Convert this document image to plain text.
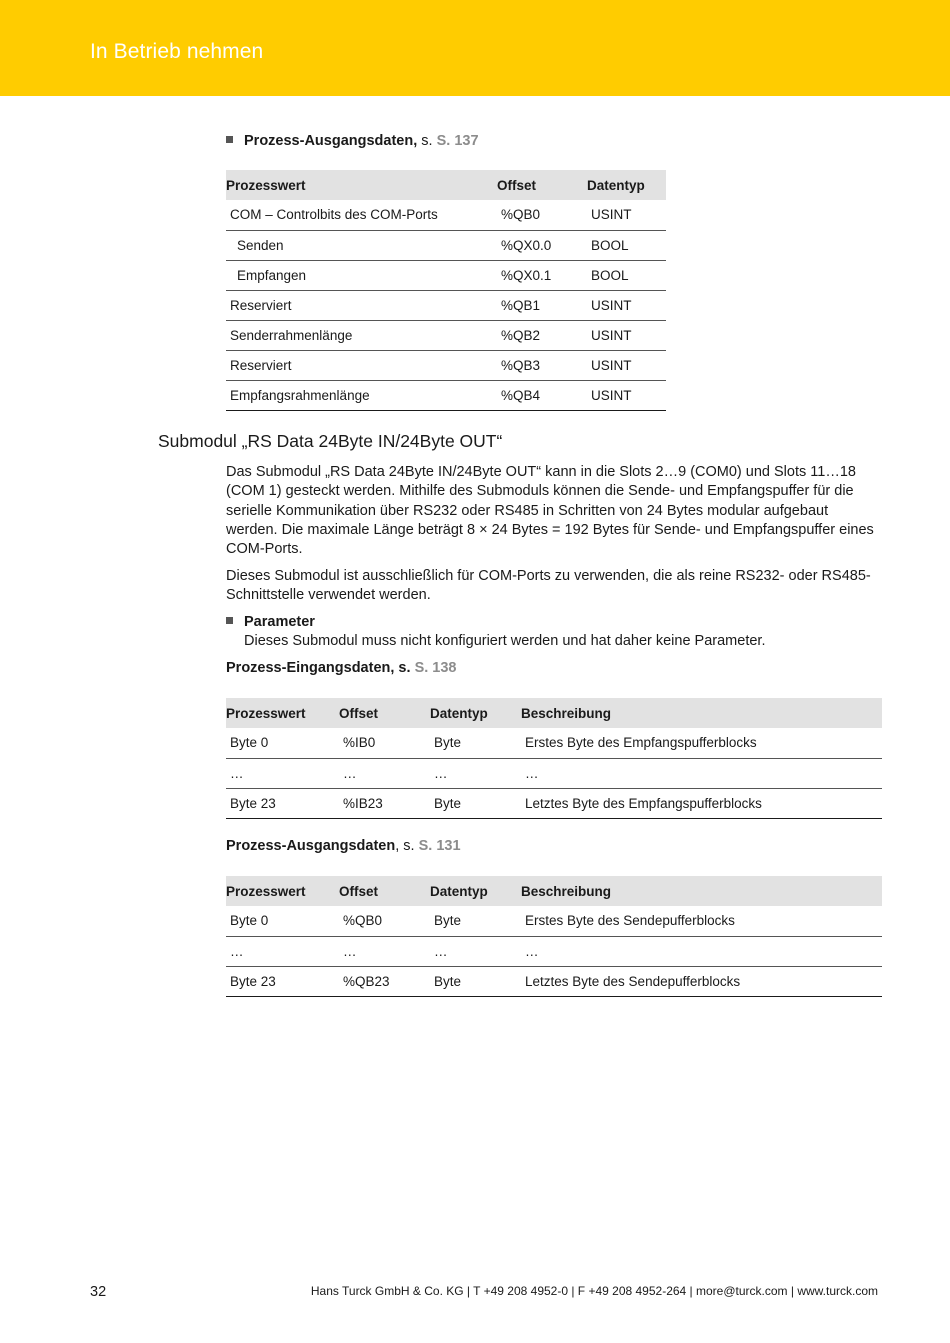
In Betrieb nehmen
Prozess-Ausgangsdaten, s. S. 137
Prozesswert	Offset	Datentyp
COM – Controlbits des COM-Ports	%QB0	USINT
Senden	%QX0.0	BOOL
Empfangen	%QX0.1	BOOL
Reserviert	%QB1	USINT
Senderrahmenlänge	%QB2	USINT
Reserviert	%QB3	USINT
Empfangsrahmenlänge	%QB4	USINT
Submodul „RS Data 24Byte IN/24Byte OUT“
Das Submodul „RS Data 24Byte IN/24Byte OUT“ kann in die Slots 2…9 (COM0) und Slots 11…18 (COM 1) gesteckt werden. Mithilfe des Submoduls können die Sende- und Empfangspuffer für die serielle Kommunikation über RS232 oder RS485 in Schritten von 24 Bytes modular aufgebaut werden. Die maximale Länge beträgt 8 × 24 Bytes = 192 Bytes für Sende- und Empfangspuffer eines COM-Ports.
Dieses Submodul ist ausschließlich für COM-Ports zu verwenden, die als reine RS232- oder RS485-Schnittstelle verwendet werden.
Parameter
Dieses Submodul muss nicht konfiguriert werden und hat daher keine Parameter.
Prozess-Eingangsdaten, s. S. 138
Prozesswert	Offset	Datentyp	Beschreibung
Byte 0	%IB0	Byte	Erstes Byte des Empfangspufferblocks
…	…	…	…
Byte 23	%IB23	Byte	Letztes Byte des Empfangspufferblocks
Prozess-Ausgangsdaten, s. S. 131
Prozesswert	Offset	Datentyp	Beschreibung
Byte 0	%QB0	Byte	Erstes Byte des Sendepufferblocks
…	…	…	…
Byte 23	%QB23	Byte	Letztes Byte des Sendepufferblocks
32	Hans Turck GmbH & Co. KG | T +49 208 4952-0 | F +49 208 4952-264 | more@turck.com | www.turck.com
